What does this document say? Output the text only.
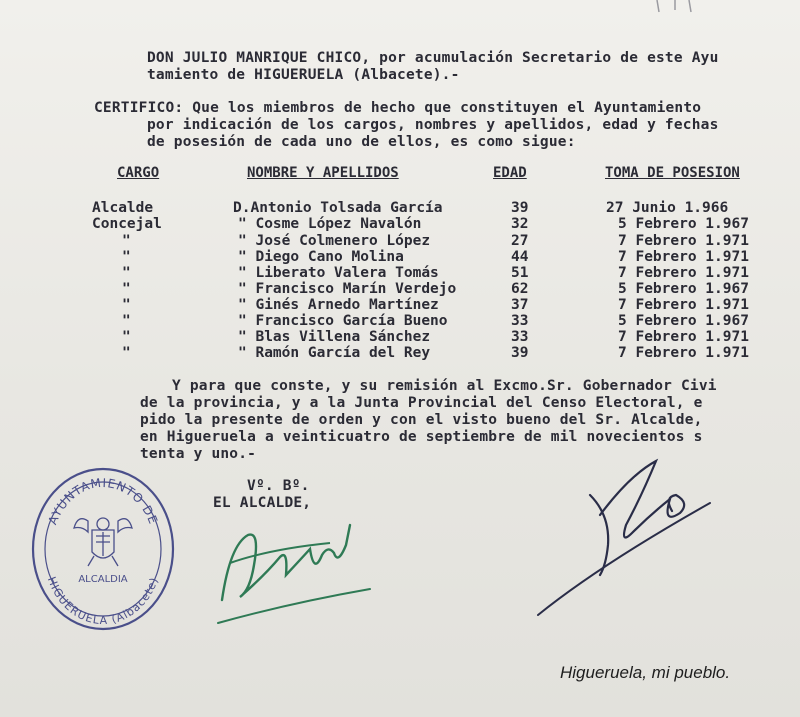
DON JULIO MANRIQUE CHICO, por acumulación Secretario de este Ayu
tamiento de HIGUERUELA (Albacete).-
CERTIFICO: Que los miembros de hecho que constituyen el Ayuntamiento
por indicación de los cargos, nombres y apellidos, edad y fechas
de posesión de cada uno de ellos, es como sigue:
CARGO	NOMBRE Y APELLIDOS	EDAD	TOMA DE POSESION
Alcalde	D.Antonio Tolsada García	39	27 Junio 1.966
Concejal	" Cosme López Navalón	32	5 Febrero 1.967
"	" José Colmenero López	27	7 Febrero 1.971
"	" Diego Cano Molina	44	7 Febrero 1.971
"	" Liberato Valera Tomás	51	7 Febrero 1.971
"	" Francisco Marín Verdejo	62	5 Febrero 1.967
"	" Ginés Arnedo Martínez	37	7 Febrero 1.971
"	" Francisco García Bueno	33	5 Febrero 1.967
"	" Blas Villena Sánchez	33	7 Febrero 1.971
"	" Ramón García del Rey	39	7 Febrero 1.971
Y para que conste, y su remisión al Excmo.Sr. Gobernador Civi
de la provincia, y a la Junta Provincial del Censo Electoral, e
pido la presente de orden y con el visto bueno del Sr. Alcalde,
en Higueruela a veinticuatro de septiembre de mil novecientos s
tenta y uno.-
Vº. Bº.
EL ALCALDE,
AYUNTAMIENTO DE
HIGUERUELA (Albacete)
ALCALDIA
Higueruela, mi pueblo.
